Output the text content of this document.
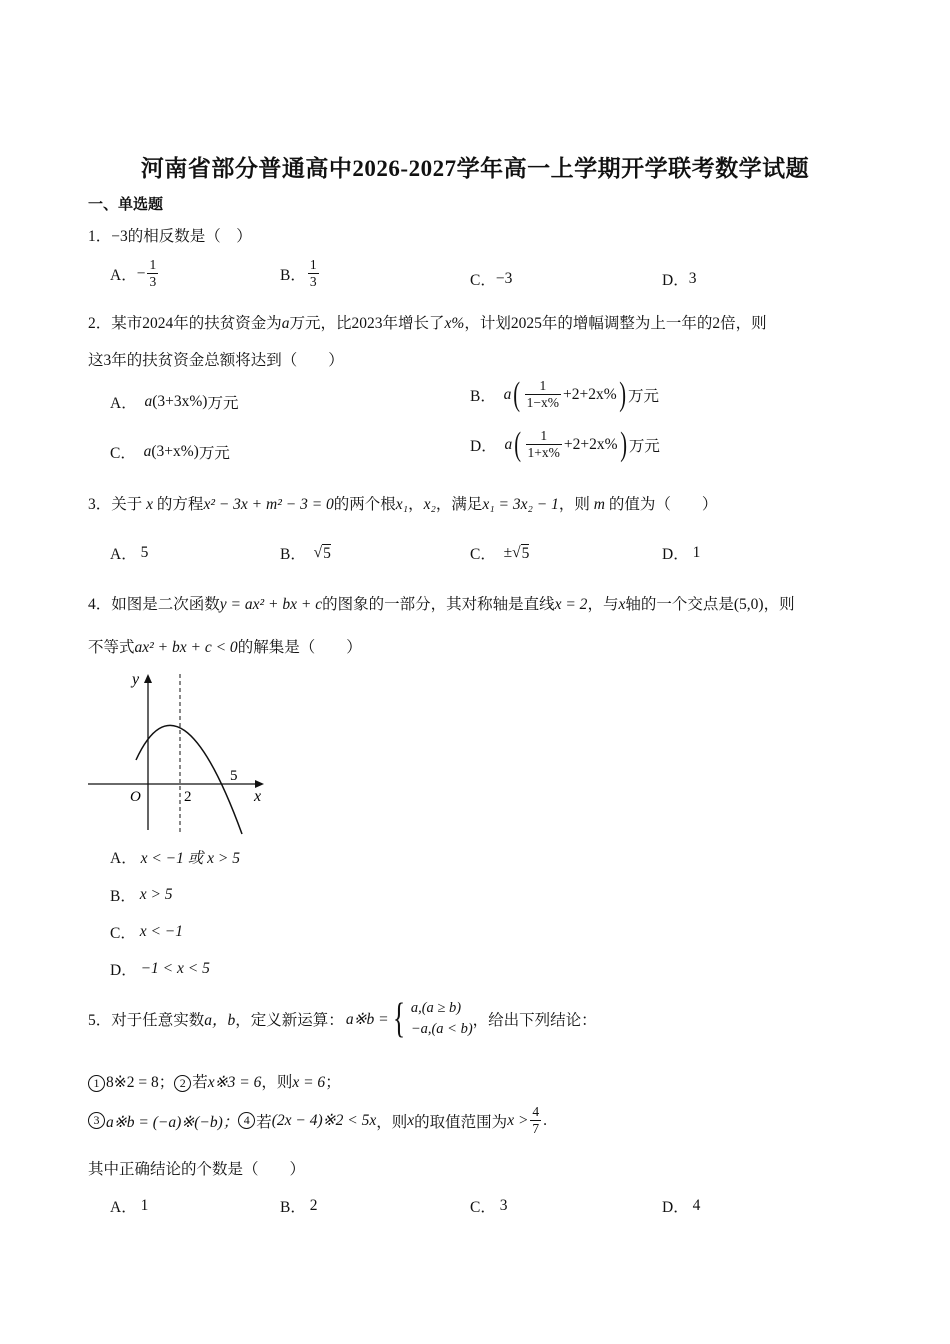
河南省部分普通高中2026-2027学年高一上学期开学联考数学试题
一、单选题
1．−3的相反数是（　）
A． − $\frac{1}{3}$	B． $\frac{1}{3}$	C． −3	D． 3
2．某市2024年的扶贫资金为a万元，比2023年增长了x%，计划2025年的增幅调整为上一年的2倍，则
这3年的扶贫资金总额将达到（　　）
A．
a (3+3x%) 万元	B．
a ( $\frac{1}{1-x\%} +2+2x\%$ ) 万元
C．
a (3+x%) 万元	D．
a ( $\frac{1}{1+x\%} +2+2x\%$ ) 万元
3．关于 x 的方程x² − 3x + m² − 3 = 0的两个根x₁，x₂，满足x₁ = 3x₂ − 1，则 m 的值为（　　）
A．
5	B． √ 5	C．
± √ 5	D．
1
4．如图是二次函数y = ax² + bx + c的图象的一部分，其对称轴是直线x = 2，与x轴的一个交点是(5,0)，则
不等式ax² + bx + c < 0的解集是（　　）
y
x
O	2
5
A．
x < −1 或 x > 5
B．
x > 5
C．
x < −1
D．
−1 < x < 5
5． 对于任意实数 a，b ，定义新运算： a※b = { a,(a ≥ b)
−a,(a < b) ，给出下列结论：
1 8※2 = 8； 2 若x※3 = 6，则x = 6；
3 a※b = (−a)※(−b)； 4 若 (2x − 4)※2 < 5x ，则 x 的取值范围为 $x > \frac{4}{7}$ .
其中正确结论的个数是（　　）
A．
1	B．
2	C．
3	D．
4
